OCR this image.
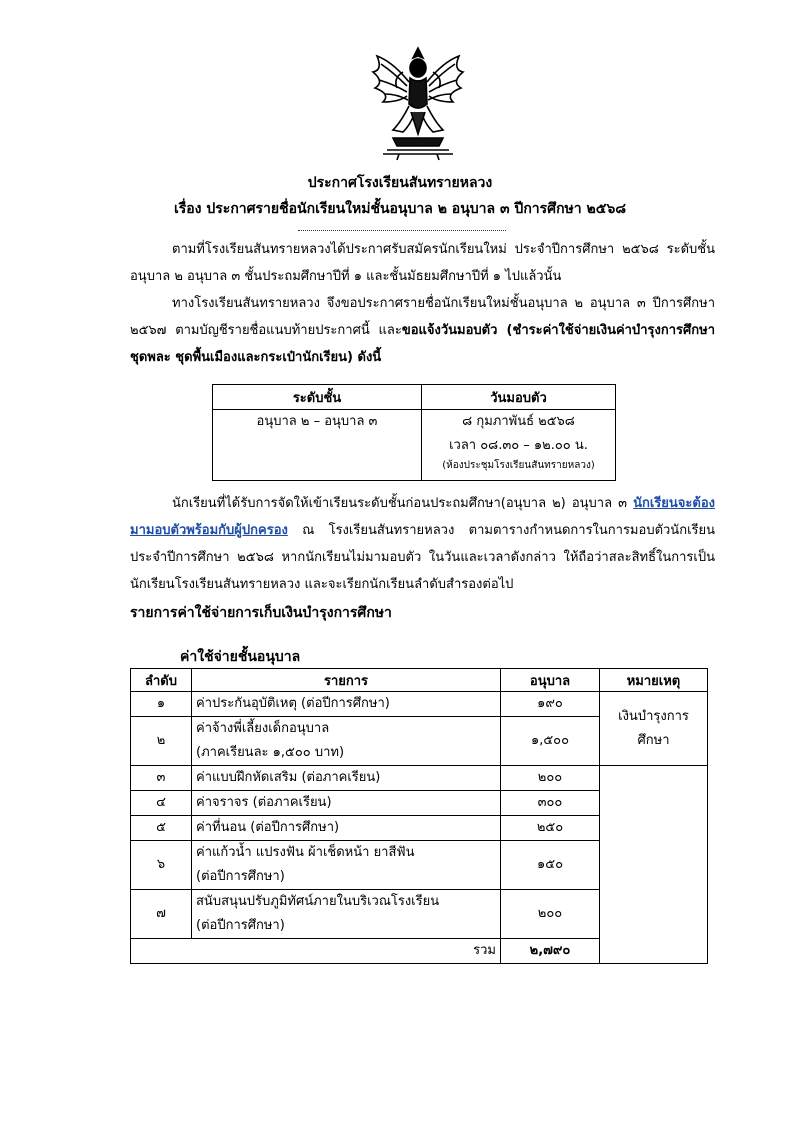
ประกาศโรงเรียนสันทรายหลวง
เรื่อง ประกาศรายชื่อนักเรียนใหม่ชั้นอนุบาล ๒ อนุบาล ๓ ปีการศึกษา ๒๕๖๘
ตามที่โรงเรียนสันทรายหลวงได้ประกาศรับสมัครนักเรียนใหม่ ประจำปีการศึกษา ๒๕๖๘ ระดับชั้นอนุบาล ๒ อนุบาล ๓ ชั้นประถมศึกษาปีที่ ๑ และชั้นมัธยมศึกษาปีที่ ๑ ไปแล้วนั้น
ทางโรงเรียนสันทรายหลวง จึงขอประกาศรายชื่อนักเรียนใหม่ชั้นอนุบาล ๒ อนุบาล ๓ ปีการศึกษา ๒๕๖๗ ตามบัญชีรายชื่อแนบท้ายประกาศนี้ และขอแจ้งวันมอบตัว (ชำระค่าใช้จ่ายเงินค่าบำรุงการศึกษา ชุดพละ ชุดพื้นเมืองและกระเป๋านักเรียน) ดังนี้
ระดับชั้น	วันมอบตัว
อนุบาล ๒ – อนุบาล ๓	๘ กุมภาพันธ์ ๒๕๖๘
เวลา ๐๘.๓๐ – ๑๒.๐๐ น.
(ห้องประชุมโรงเรียนสันทรายหลวง)
นักเรียนที่ได้รับการจัดให้เข้าเรียนระดับชั้นก่อนประถมศึกษา(อนุบาล ๒) อนุบาล ๓ นักเรียนจะต้องมามอบตัวพร้อมกับผู้ปกครอง ณ โรงเรียนสันทรายหลวง ตามตารางกำหนดการในการมอบตัวนักเรียน ประจำปีการศึกษา ๒๕๖๘ หากนักเรียนไม่มามอบตัว ในวันและเวลาดังกล่าว ให้ถือว่าสละสิทธิ์ในการเป็นนักเรียนโรงเรียนสันทรายหลวง และจะเรียกนักเรียนลำดับสำรองต่อไป
รายการค่าใช้จ่ายการเก็บเงินบำรุงการศึกษา
ค่าใช้จ่ายชั้นอนุบาล
ลำดับ	รายการ	อนุบาล	หมายเหตุ
๑	ค่าประกันอุบัติเหตุ (ต่อปีการศึกษา)	๑๙๐	เงินบำรุงการศึกษา
๒	ค่าจ้างพี่เลี้ยงเด็กอนุบาล
(ภาคเรียนละ ๑,๕๐๐ บาท)	๑,๕๐๐	
๓	ค่าแบบฝึกหัดเสริม (ต่อภาคเรียน)	๒๐๐	
๔	ค่าจราจร (ต่อภาคเรียน)	๓๐๐	
๕	ค่าที่นอน (ต่อปีการศึกษา)	๒๕๐	
๖	ค่าแก้วน้ำ แปรงฟัน ผ้าเช็ดหน้า ยาสีฟัน
(ต่อปีการศึกษา)	๑๕๐	
๗	สนับสนุนปรับภูมิทัศน์ภายในบริเวณโรงเรียน
(ต่อปีการศึกษา)	๒๐๐	
รวม		๒,๗๙๐	
